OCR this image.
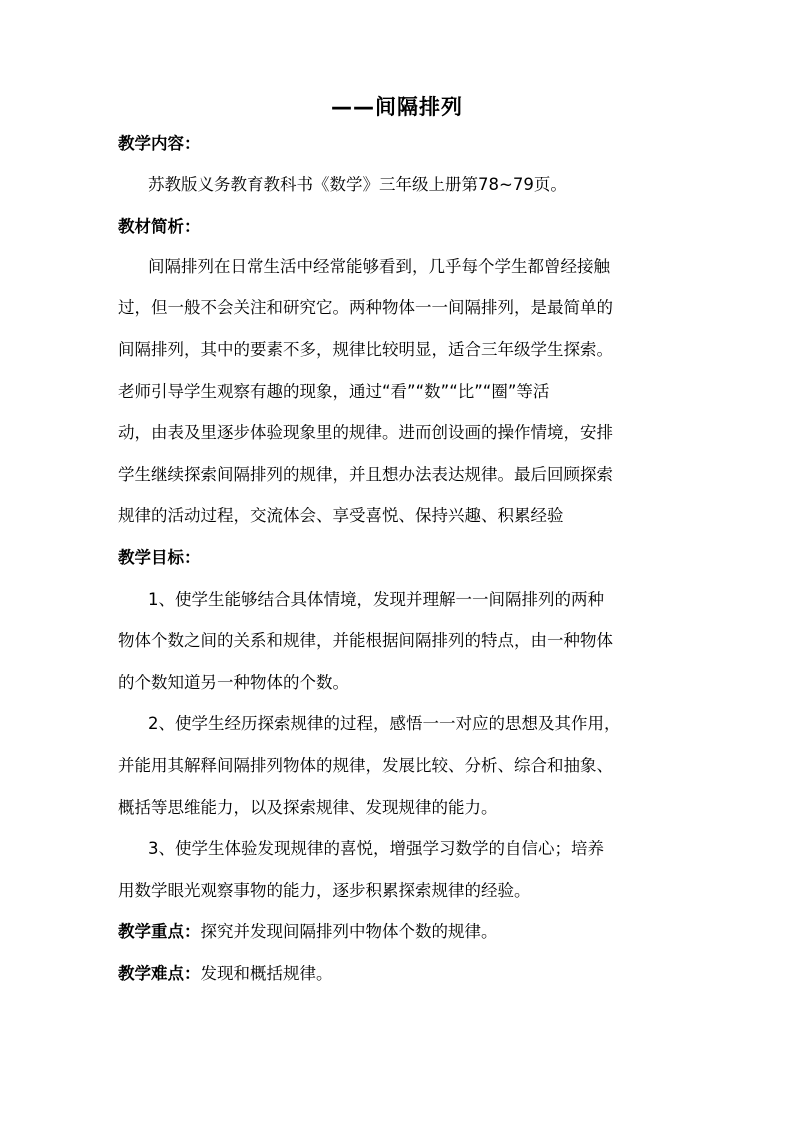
——间隔排列
教学内容：
苏教版义务教育教科书《数学》三年级上册第78~79页。
教材简析：
间隔排列在日常生活中经常能够看到，几乎每个学生都曾经接触
过，但一般不会关注和研究它。两种物体一一间隔排列，是最简单的
间隔排列，其中的要素不多，规律比较明显，适合三年级学生探索。
老师引导学生观察有趣的现象，通过“看”“数”“比”“圈”等活
动，由表及里逐步体验现象里的规律。进而创设画的操作情境，安排
学生继续探索间隔排列的规律，并且想办法表达规律。最后回顾探索
规律的活动过程，交流体会、享受喜悦、保持兴趣、积累经验
教学目标：
1、使学生能够结合具体情境，发现并理解一一间隔排列的两种
物体个数之间的关系和规律，并能根据间隔排列的特点，由一种物体
的个数知道另一种物体的个数。
2、使学生经历探索规律的过程，感悟一一对应的思想及其作用，
并能用其解释间隔排列物体的规律，发展比较、分析、综合和抽象、
概括等思维能力，以及探索规律、发现规律的能力。
3、使学生体验发现规律的喜悦，增强学习数学的自信心；培养
用数学眼光观察事物的能力，逐步积累探索规律的经验。
教学重点：探究并发现间隔排列中物体个数的规律。
教学难点：发现和概括规律。
